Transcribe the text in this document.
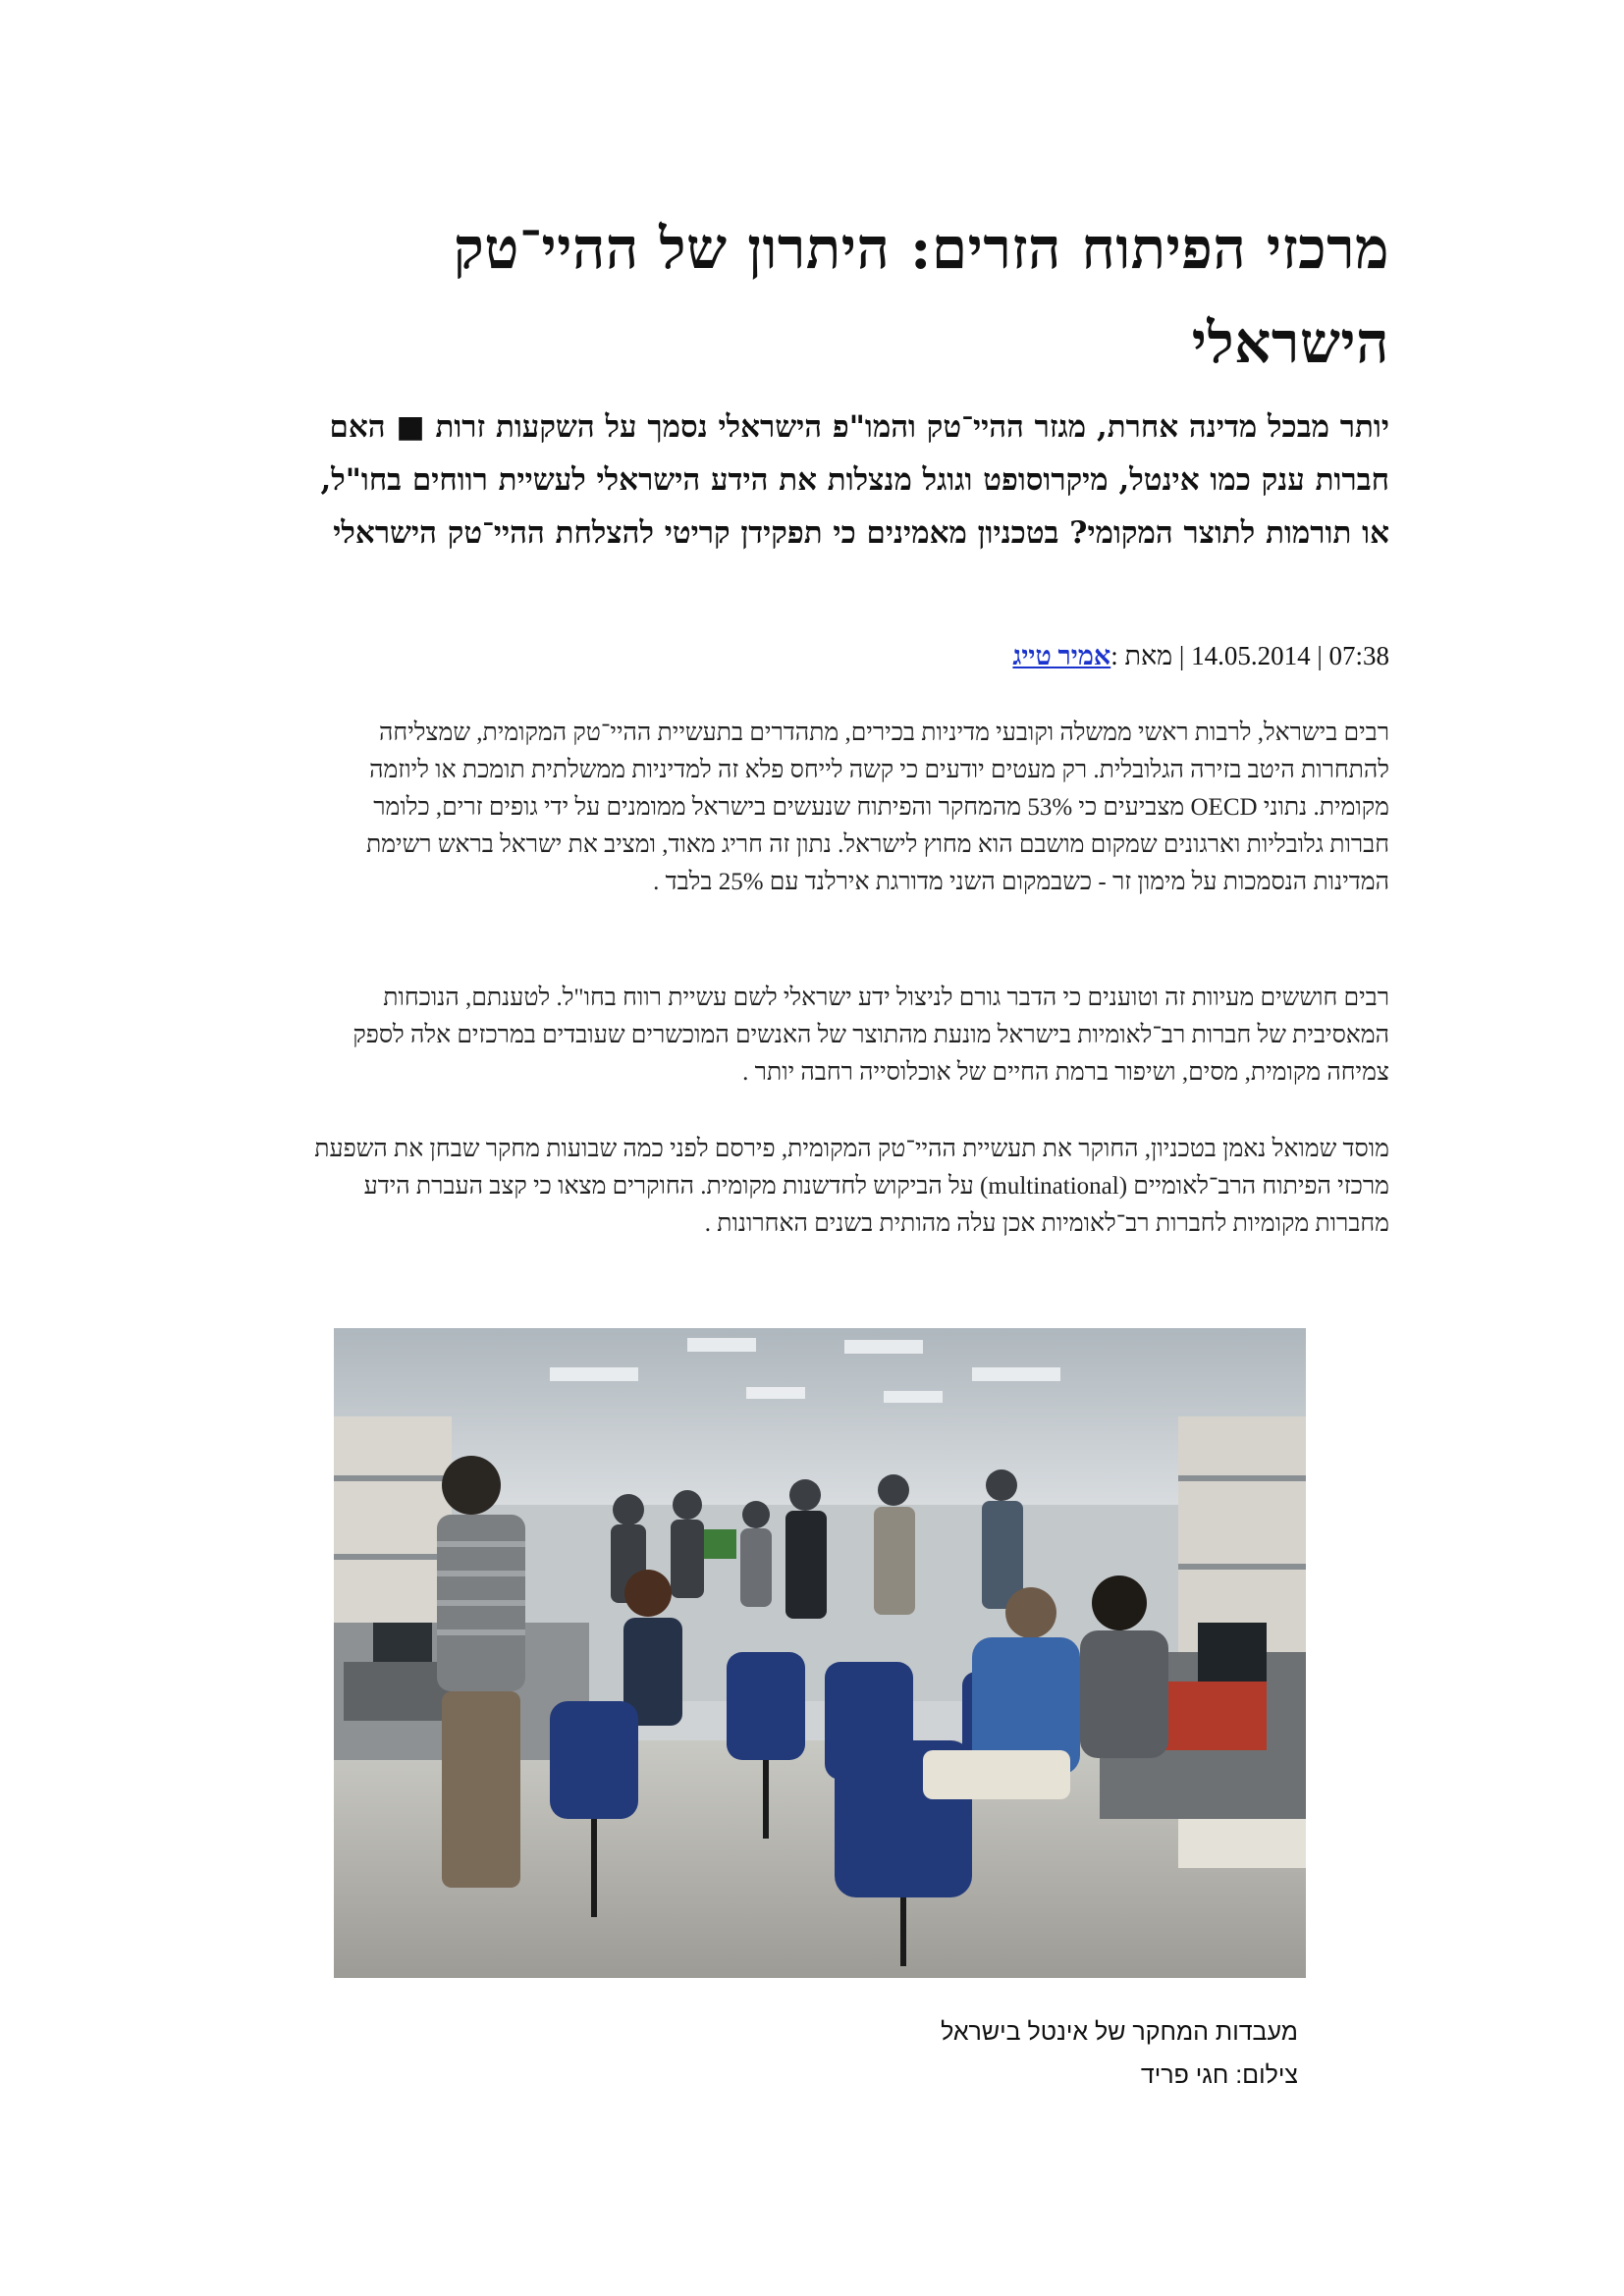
מרכזי הפיתוח הזרים: היתרון של ההיי־טק הישראלי

יותר מבכל מדינה אחרת, מגזר ההיי־טק והמו"פ הישראלי נסמך על השקעות זרות ■ האם חברות ענק כמו אינטל, מיקרוסופט וגוגל מנצלות את הידע הישראלי לעשיית רווחים בחו"ל, או תורמות לתוצר המקומי? בטכניון מאמינים כי תפקידן קריטי להצלחת ההיי־טק הישראלי

07:38 | 14.05.2014 | מאת :אמיר טייג

רבים בישראל, לרבות ראשי ממשלה וקובעי מדיניות בכירים, מתהדרים בתעשיית ההיי־טק המקומית, שמצליחה להתחרות היטב בזירה הגלובלית. רק מעטים יודעים כי קשה לייחס פלא זה למדיניות ממשלתית תומכת או ליוזמה מקומית. נתוני OECD מצביעים כי 53% מהמחקר והפיתוח שנעשים בישראל ממומנים על ידי גופים זרים, כלומר חברות גלובליות וארגונים שמקום מושבם הוא מחוץ לישראל. נתון זה חריג מאוד, ומציב את ישראל בראש רשימת המדינות הנסמכות על מימון זר - כשבמקום השני מדורגת אירלנד עם 25% בלבד .

רבים חוששים מעיוות זה וטוענים כי הדבר גורם לניצול ידע ישראלי לשם עשיית רווח בחו"ל. לטענתם, הנוכחות המאסיבית של חברות רב־לאומיות בישראל מונעת מהתוצר של האנשים המוכשרים שעובדים במרכזים אלה לספק צמיחה מקומית, מסים, ושיפור ברמת החיים של אוכלוסייה רחבה יותר .

מוסד שמואל נאמן בטכניון, החוקר את תעשיית ההיי־טק המקומית, פירסם לפני כמה שבועות מחקר שבחן את השפעת מרכזי הפיתוח הרב־לאומיים (multinational) על הביקוש לחדשנות מקומית. החוקרים מצאו כי קצב העברת הידע מחברות מקומיות לחברות רב־לאומיות אכן עלה מהותית בשנים האחרונות .

מעבדות המחקר של אינטל בישראל
צילום: חגי פריד
